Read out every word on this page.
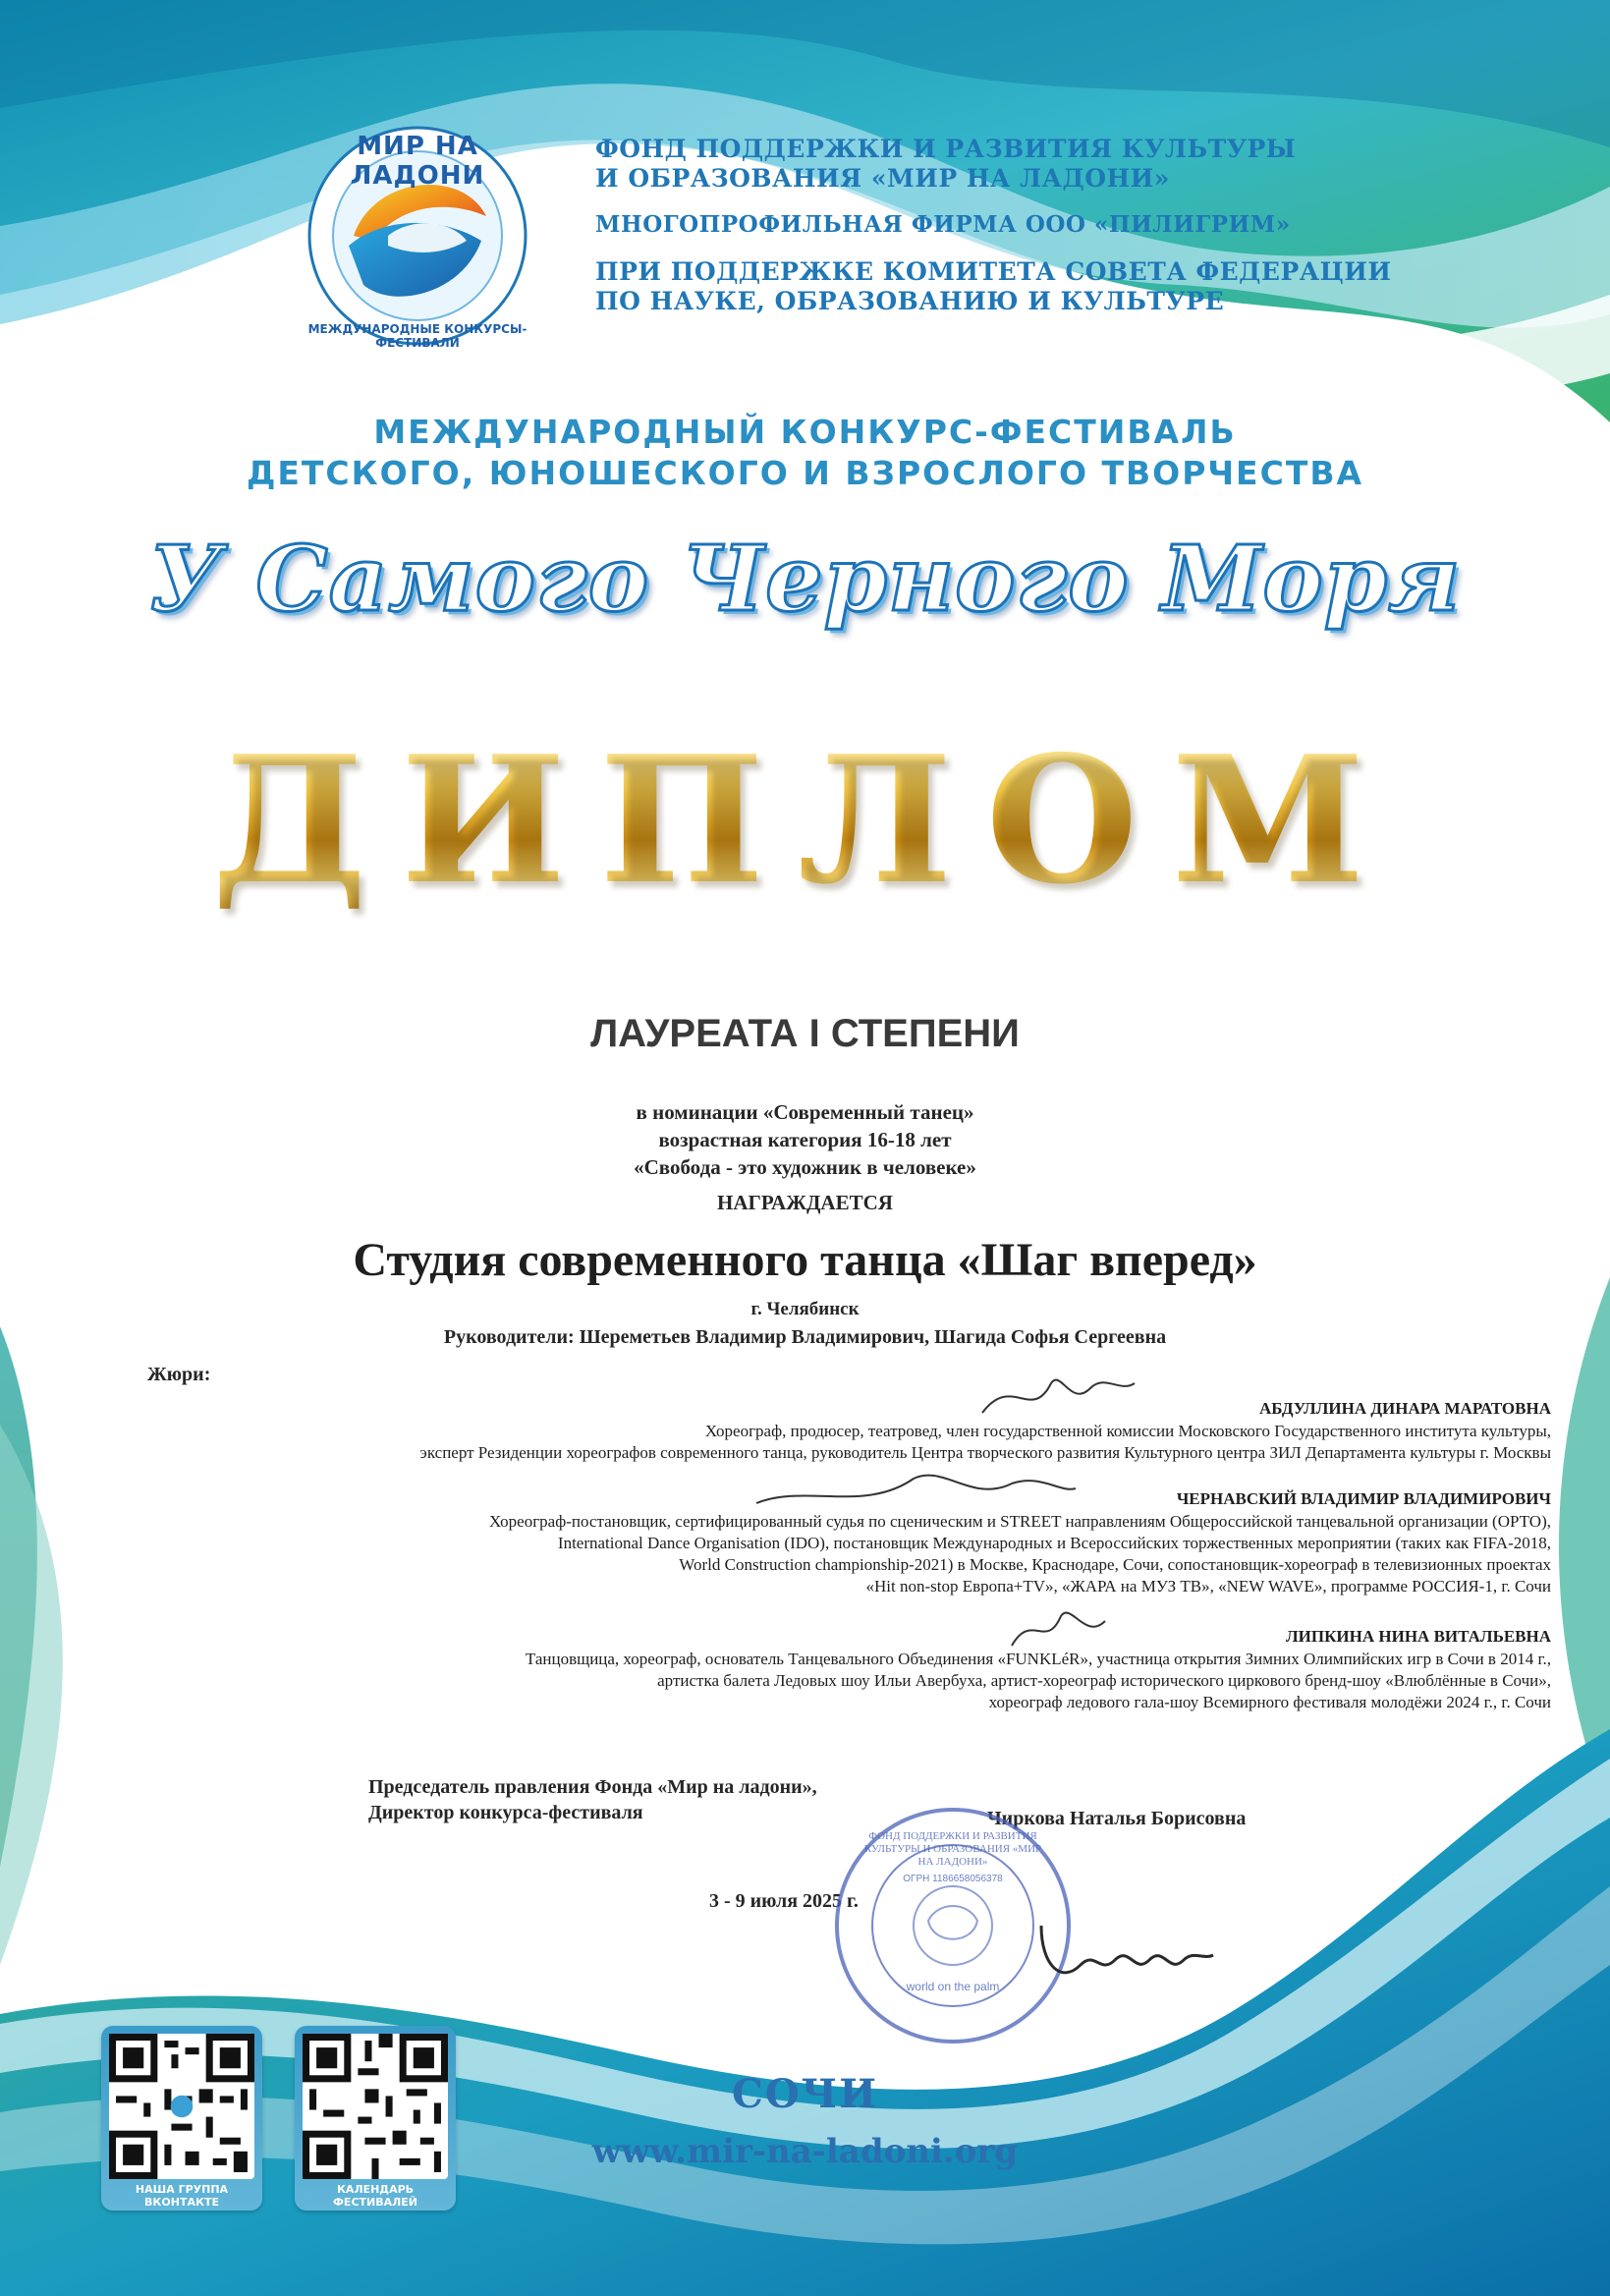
МИР НА ЛАДОНИ
МЕЖДУНАРОДНЫЕ КОНКУРСЫ-ФЕСТИВАЛИ
ФОНД ПОДДЕРЖКИ И РАЗВИТИЯ КУЛЬТУРЫ
И ОБРАЗОВАНИЯ «МИР НА ЛАДОНИ»
МНОГОПРОФИЛЬНАЯ ФИРМА ООО «ПИЛИГРИМ»
ПРИ ПОДДЕРЖКЕ КОМИТЕТА СОВЕТА ФЕДЕРАЦИИ
ПО НАУКЕ, ОБРАЗОВАНИЮ И КУЛЬТУРЕ
МЕЖДУНАРОДНЫЙ КОНКУРС-ФЕСТИВАЛЬ
ДЕТСКОГО, ЮНОШЕСКОГО И ВЗРОСЛОГО ТВОРЧЕСТВА
У Самого Черного Моря
ДИПЛОМ
ЛАУРЕАТА I СТЕПЕНИ
в номинации «Современный танец»
возрастная категория 16-18 лет
«Свобода - это художник в человеке»
НАГРАЖДАЕТСЯ
Студия современного танца «Шаг вперед»
г. Челябинск
Руководители: Шереметьев Владимир Владимирович, Шагида Софья Сергеевна
Жюри:
АБДУЛЛИНА ДИНАРА МАРАТОВНА
Хореограф, продюсер, театровед, член государственной комиссии Московского Государственного института культуры,
эксперт Резиденции хореографов современного танца, руководитель Центра творческого развития Культурного центра ЗИЛ Департамента культуры г. Москвы
ЧЕРНАВСКИЙ ВЛАДИМИР ВЛАДИМИРОВИЧ
Хореограф-постановщик, сертифицированный судья по сценическим и STREET направлениям Общероссийской танцевальной организации (ОРТО),
International Dance Organisation (IDO), постановщик Международных и Всероссийских торжественных мероприятии (таких как FIFA-2018,
World Construction championship-2021) в Москве, Краснодаре, Сочи, сопостановщик-хореограф в телевизионных проектах
«Hit non-stop Европа+TV», «ЖАРА на МУЗ ТВ», «NEW WAVE», программе РОССИЯ-1, г. Сочи
ЛИПКИНА НИНА ВИТАЛЬЕВНА
Танцовщица, хореограф, основатель Танцевального Объединения «FUNKLéR», участница открытия Зимних Олимпийских игр в Сочи в 2014 г.,
артистка балета Ледовых шоу Ильи Авербуха, артист-хореограф исторического циркового бренд-шоу «Влюблённые в Сочи»,
хореограф ледового гала-шоу Всемирного фестиваля молодёжи 2024 г., г. Сочи
Председатель правления Фонда «Мир на ладони»,
Директор конкурса-фестиваля	Чиркова Наталья Борисовна
3 - 9 июля 2025 г.
ФОНД ПОДДЕРЖКИ И РАЗВИТИЯ КУЛЬТУРЫ И ОБРАЗОВАНИЯ «МИР НА ЛАДОНИ»
ОГРН 1186658056378
world on the palm
НАША ГРУППА ВКОНТАКТЕ
КАЛЕНДАРЬ ФЕСТИВАЛЕЙ
СОЧИ
www.mir-na-ladoni.org
